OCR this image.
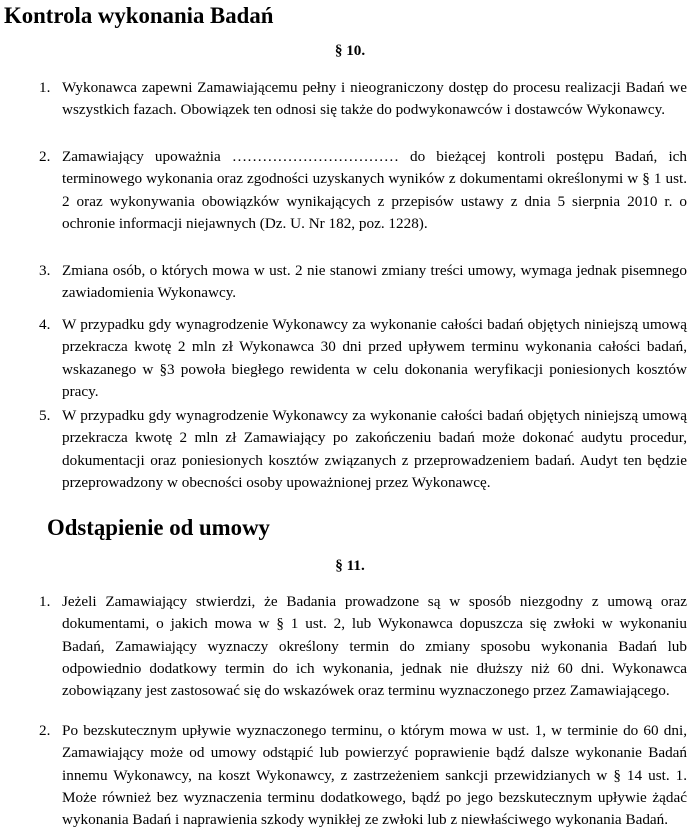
Kontrola wykonania Badań
§ 10.
1. Wykonawca zapewni Zamawiającemu pełny i nieograniczony dostęp do procesu realizacji Badań we wszystkich fazach. Obowiązek ten odnosi się także do podwykonawców i dostawców Wykonawcy.
2. Zamawiający upoważnia …………………………… do bieżącej kontroli postępu Badań, ich terminowego wykonania oraz zgodności uzyskanych wyników z dokumentami określonymi w § 1 ust. 2 oraz wykonywania obowiązków wynikających z przepisów ustawy z dnia 5 sierpnia 2010 r. o ochronie informacji niejawnych (Dz. U. Nr 182, poz. 1228).
3. Zmiana osób, o których mowa w ust. 2 nie stanowi zmiany treści umowy, wymaga jednak pisemnego zawiadomienia Wykonawcy.
4. W przypadku gdy wynagrodzenie Wykonawcy za wykonanie całości badań objętych niniejszą umową przekracza kwotę 2 mln zł Wykonawca 30 dni przed upływem terminu wykonania całości badań, wskazanego w §3 powoła biegłego rewidenta w celu dokonania weryfikacji poniesionych kosztów pracy.
5. W przypadku gdy wynagrodzenie Wykonawcy za wykonanie całości badań objętych niniejszą umową przekracza kwotę 2 mln zł Zamawiający po zakończeniu badań może dokonać audytu procedur, dokumentacji oraz poniesionych kosztów związanych z przeprowadzeniem badań. Audyt ten będzie przeprowadzony w obecności osoby upoważnionej przez Wykonawcę.
Odstąpienie od umowy
§ 11.
1. Jeżeli Zamawiający stwierdzi, że Badania prowadzone są w sposób niezgodny z umową oraz dokumentami, o jakich mowa w § 1 ust. 2, lub Wykonawca dopuszcza się zwłoki w wykonaniu Badań, Zamawiający wyznaczy określony termin do zmiany sposobu wykonania Badań lub odpowiednio dodatkowy termin do ich wykonania, jednak nie dłuższy niż 60 dni. Wykonawca zobowiązany jest zastosować się do wskazówek oraz terminu wyznaczonego przez Zamawiającego.
2. Po bezskutecznym upływie wyznaczonego terminu, o którym mowa w ust. 1, w terminie do 60 dni, Zamawiający może od umowy odstąpić lub powierzyć poprawienie bądź dalsze wykonanie Badań innemu Wykonawcy, na koszt Wykonawcy, z zastrzeżeniem sankcji przewidzianych w § 14 ust. 1. Może również bez wyznaczenia terminu dodatkowego, bądź po jego bezskutecznym upływie żądać wykonania Badań i naprawienia szkody wynikłej ze zwłoki lub z niewłaściwego wykonania Badań.
